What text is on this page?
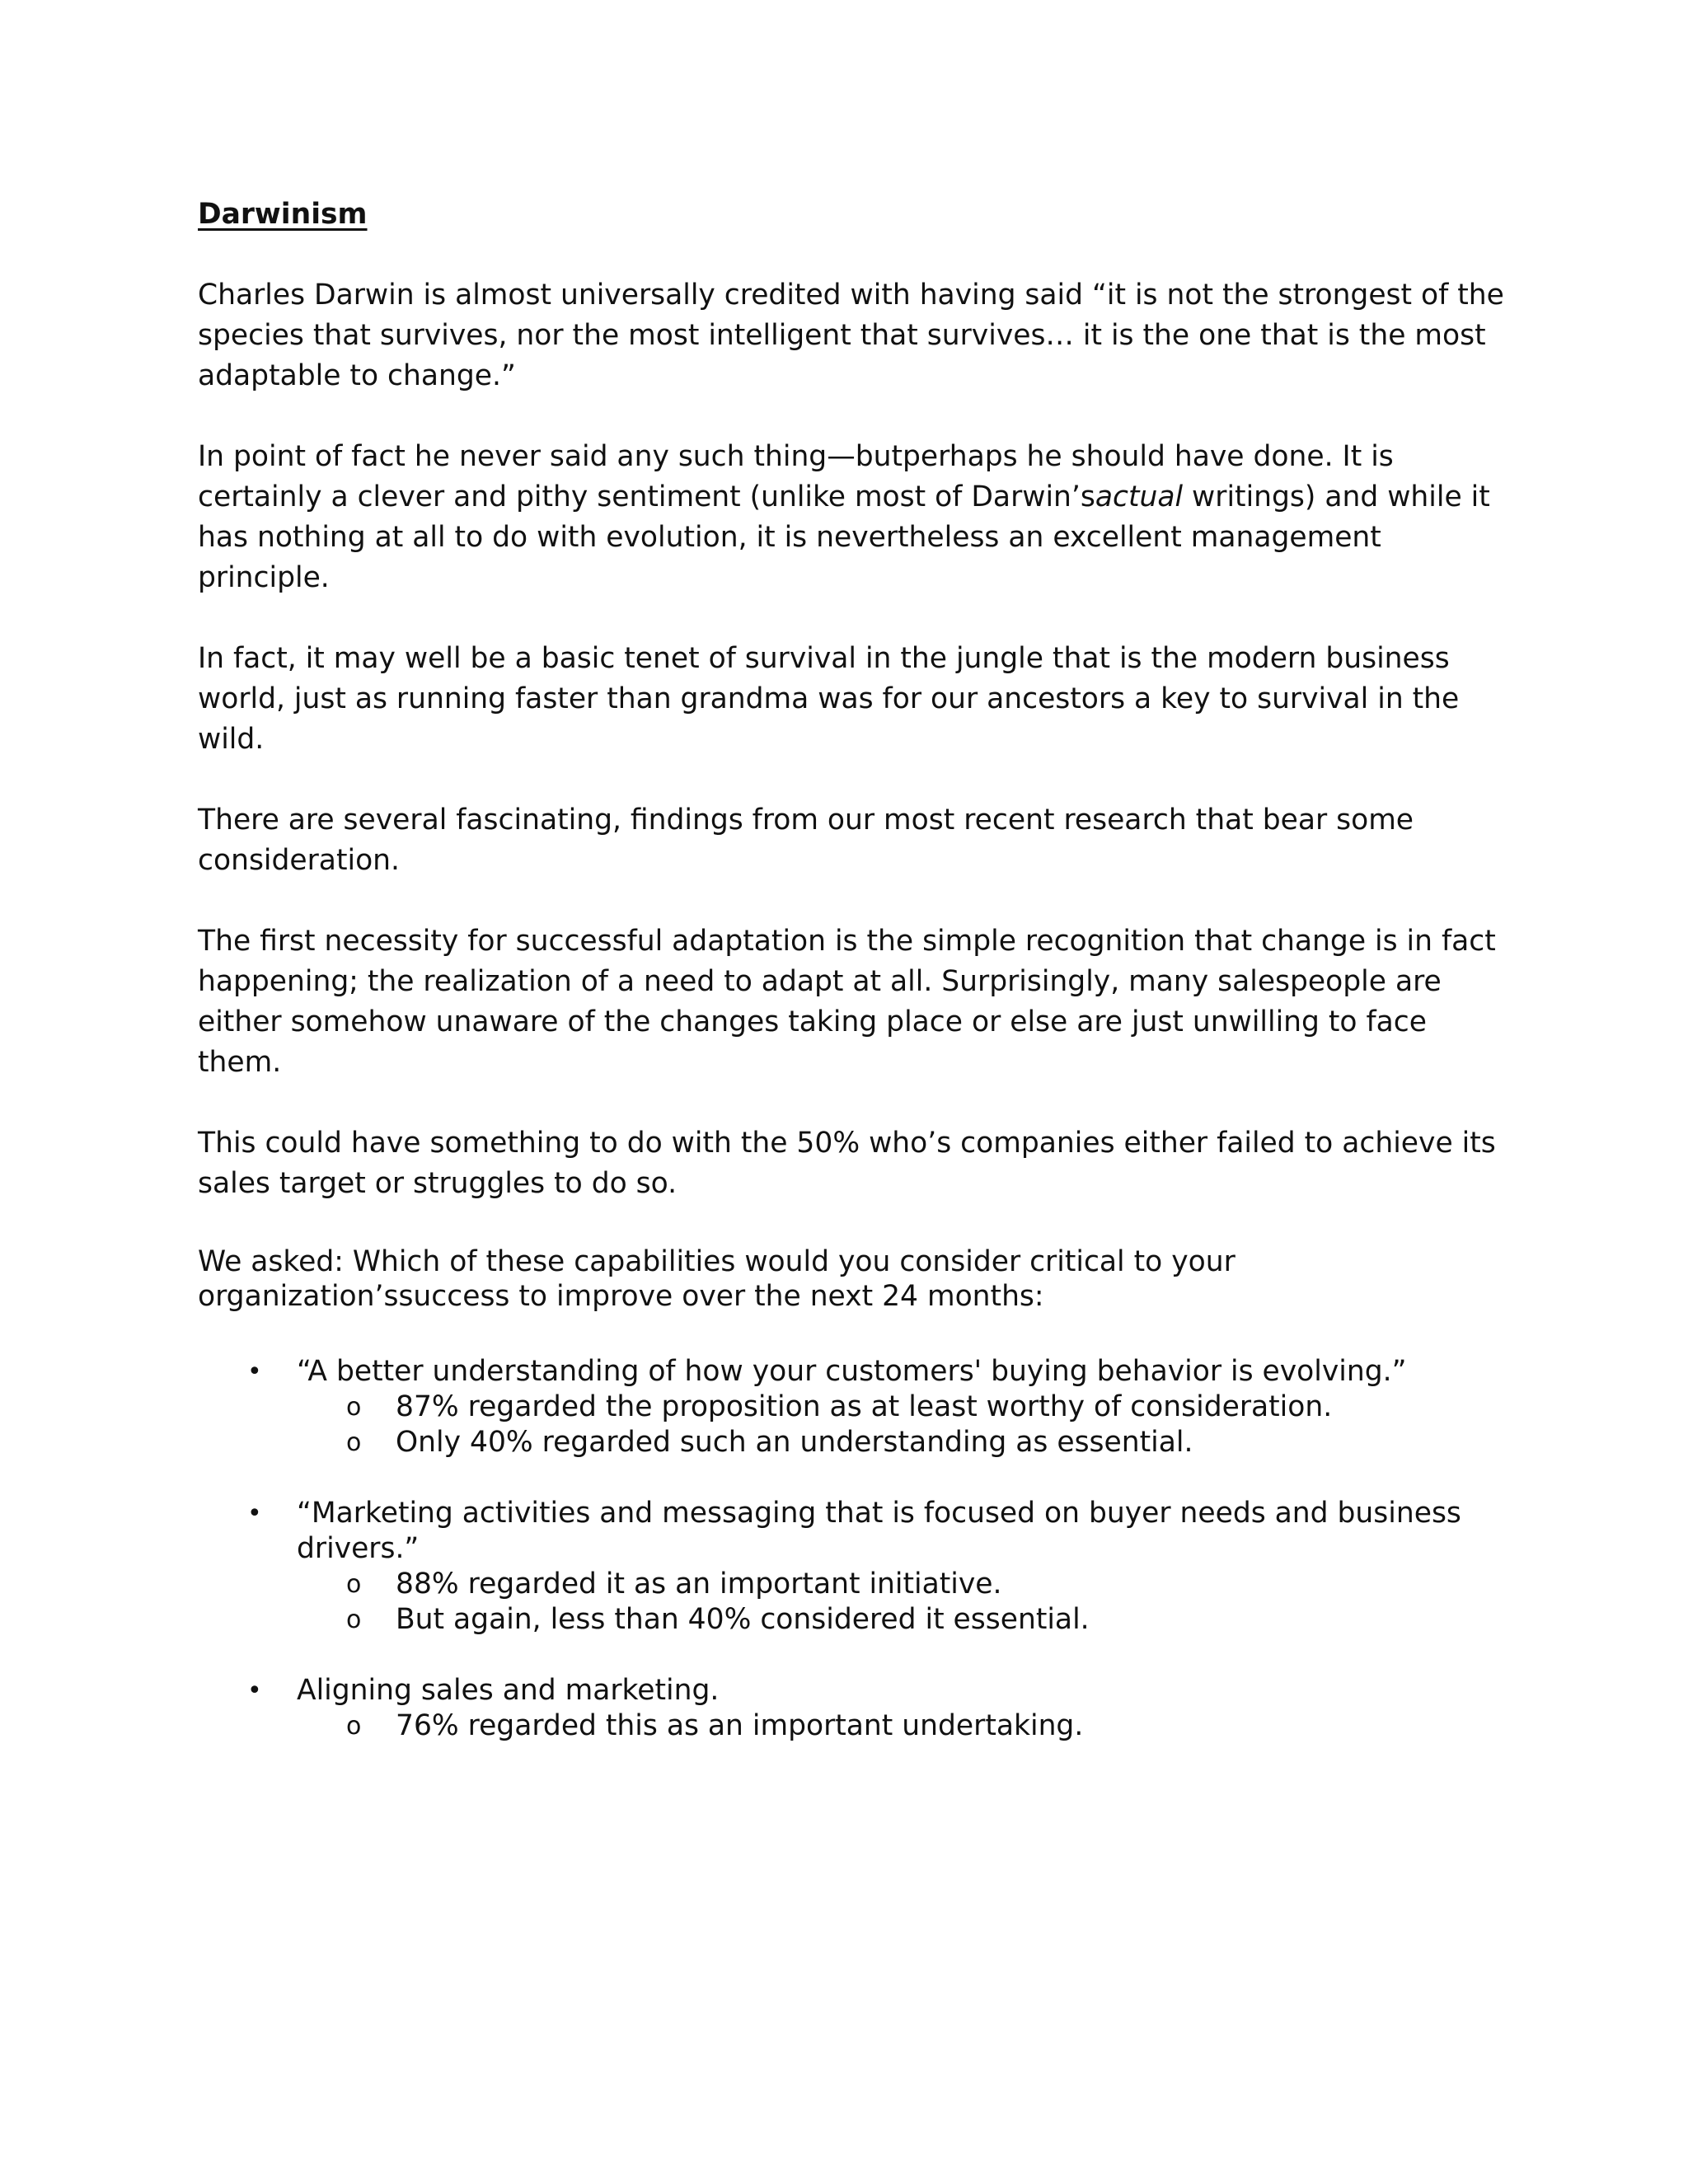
Darwinism

Charles Darwin is almost universally credited with having said “it is not the strongest of the species that survives, nor the most intelligent that survives… it is the one that is the most adaptable to change.”

In point of fact he never said any such thing—butperhaps he should have done. It is certainly a clever and pithy sentiment (unlike most of Darwin’sactual writings) and while it has nothing at all to do with evolution, it is nevertheless an excellent management principle.

In fact, it may well be a basic tenet of survival in the jungle that is the modern business world, just as running faster than grandma was for our ancestors a key to survival in the wild.

There are several fascinating, findings from our most recent research that bear some consideration.

The first necessity for successful adaptation is the simple recognition that change is in fact happening; the realization of a need to adapt at all. Surprisingly, many salespeople are either somehow unaware of the changes taking place or else are just unwilling to face them.

This could have something to do with the 50% who’s companies either failed to achieve its sales target or struggles to do so.

We asked: Which of these capabilities would you consider critical to your organization’ssuccess to improve over the next 24 months:

• “A better understanding of how your customers' buying behavior is evolving.”
o 87% regarded the proposition as at least worthy of consideration.
o Only 40% regarded such an understanding as essential.
• “Marketing activities and messaging that is focused on buyer needs and business drivers.”
o 88% regarded it as an important initiative.
o But again, less than 40% considered it essential.
• Aligning sales and marketing.
o 76% regarded this as an important undertaking.
